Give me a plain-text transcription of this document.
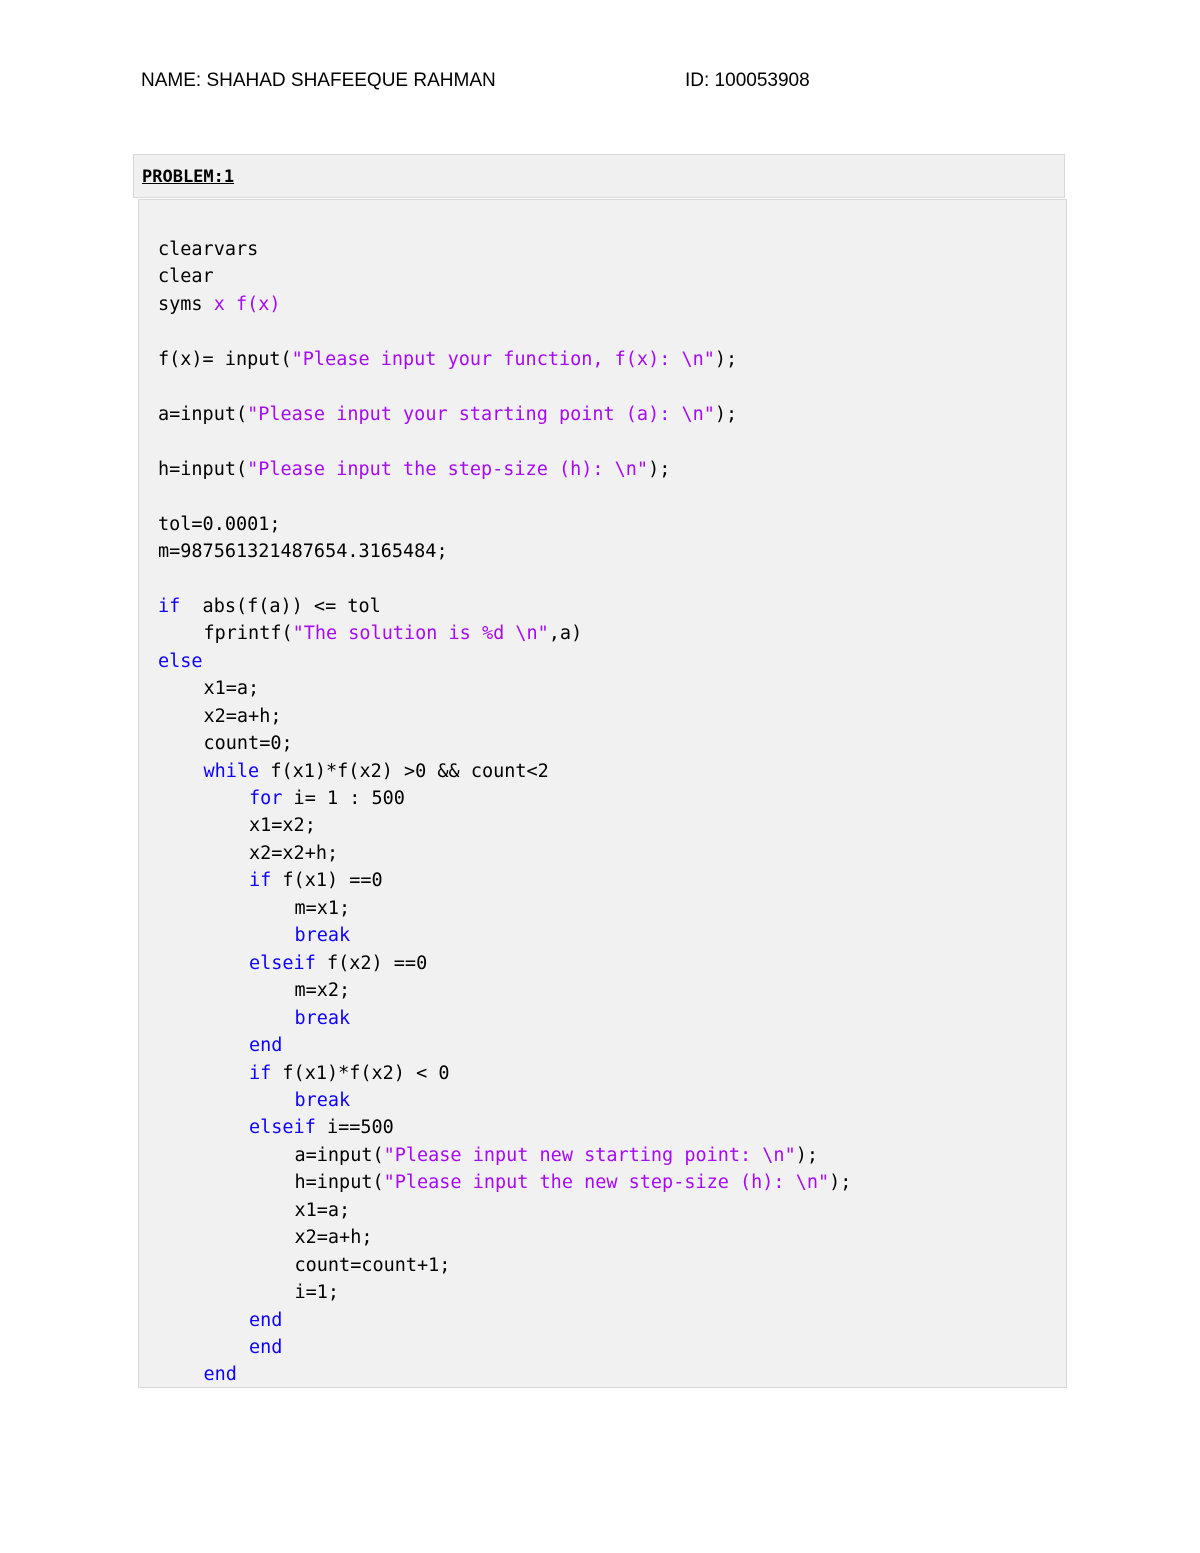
NAME: SHAHAD SHAFEEQUE RAHMAN	ID: 100053908
PROBLEM:1
clearvars
clear
syms x f(x)
f(x)= input("Please input your function, f(x): \n");
a=input("Please input your starting point (a): \n");
h=input("Please input the step-size (h): \n");
tol=0.0001;
m=987561321487654.3165484;
if  abs(f(a)) <= tol
fprintf("The solution is %d \n",a)
else
x1=a;
x2=a+h;
count=0;
while f(x1)*f(x2) >0 && count<2
for i= 1 : 500
x1=x2;
x2=x2+h;
if f(x1) ==0
m=x1;
break
elseif f(x2) ==0
m=x2;
break
end
if f(x1)*f(x2) < 0
break
elseif i==500
a=input("Please input new starting point: \n");
h=input("Please input the new step-size (h): \n");
x1=a;
x2=a+h;
count=count+1;
i=1;
end
end
end
